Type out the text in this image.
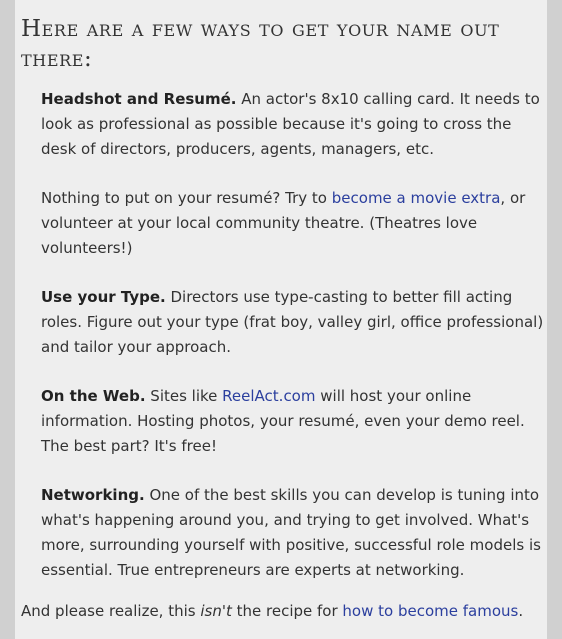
Here are a few ways to get your name out there:

Headshot and Resumé. An actor's 8x10 calling card. It needs to look as professional as possible because it's going to cross the desk of directors, producers, agents, managers, etc.

Nothing to put on your resumé? Try to become a movie extra, or volunteer at your local community theatre. (Theatres love volunteers!)

Use your Type. Directors use type-casting to better fill acting roles. Figure out your type (frat boy, valley girl, office professional) and tailor your approach.

On the Web. Sites like ReelAct.com will host your online information. Hosting photos, your resumé, even your demo reel. The best part? It's free!

Networking. One of the best skills you can develop is tuning into what's happening around you, and trying to get involved. What's more, surrounding yourself with positive, successful role models is essential. True entrepreneurs are experts at networking.

And please realize, this isn't the recipe for how to become famous.
